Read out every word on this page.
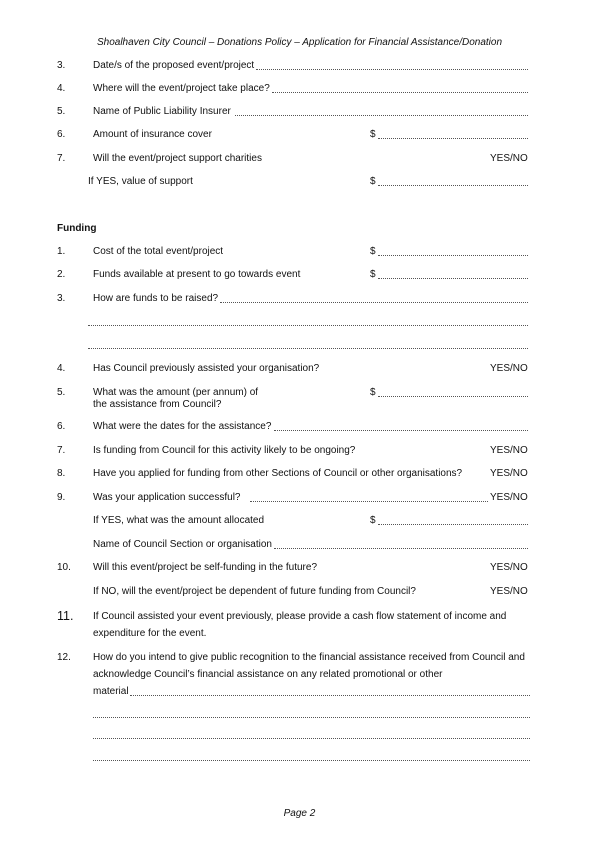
Shoalhaven City Council – Donations Policy – Application for Financial Assistance/Donation
3.	Date/s of the proposed event/project
4.	Where will the event/project take place?
5.	Name of Public Liability Insurer
6.	Amount of insurance cover	$
7.	Will the event/project support charities	YES/NO
If YES, value of support	$
Funding
1.	Cost of the total event/project	$
2.	Funds available at present to go towards event	$
3.	How are funds to be raised?
4.	Has Council previously assisted your organisation?	YES/NO
5.	What was the amount (per annum) of
the assistance from Council?
$
6.	What were the dates for the assistance?
7.	Is funding from Council for this activity likely to be ongoing?	YES/NO
8.	Have you applied for funding from other Sections of Council or other organisations?	YES/NO
9.	Was your application successful?	YES/NO
If YES, what was the amount allocated	$
Name of Council Section or organisation
10. Will this event/project be self-funding in the future?	YES/NO
If NO, will the event/project be dependent of future funding from Council?	YES/NO
11. If Council assisted your event previously, please provide a cash flow statement of income and
expenditure for the event.
12. How do you intend to give public recognition to the financial assistance received from Council and
acknowledge Council’s financial assistance on any related promotional or other
material
Page 2
